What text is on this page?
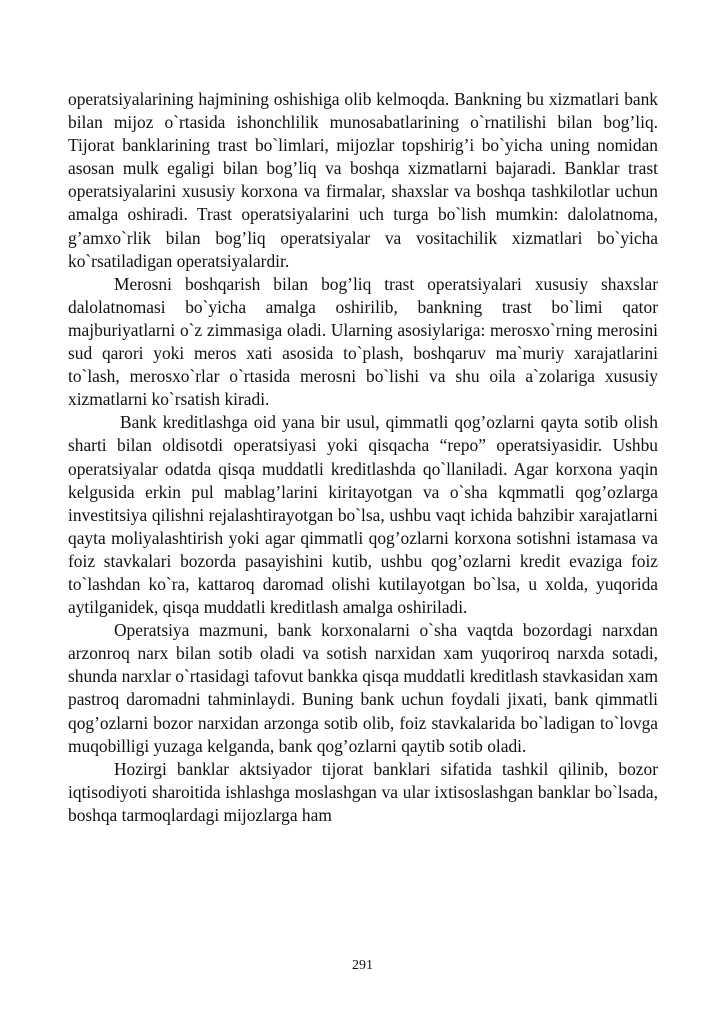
operatsiyalarining hajmining oshishiga olib kelmoqda. Bankning bu xizmatlari bank bilan mijoz o`rtasida ishonchlilik munosabatlarining o`rnatilishi bilan bog’liq. Tijorat banklarining trast bo`limlari, mijozlar topshirig’i bo`yicha uning nomidan asosan mulk egaligi bilan bog’liq va boshqa xizmatlarni bajaradi. Banklar trast operatsiyalarini xususiy korxona va firmalar, shaxslar va boshqa tashkilotlar uchun amalga oshiradi. Trast operatsiyalarini uch turga bo`lish mumkin: dalolatnoma, g’amxo`rlik bilan bog’liq operatsiyalar va vositachilik xizmatlari bo`yicha ko`rsatiladigan operatsiyalardir.

Merosni boshqarish bilan bog’liq trast operatsiyalari xususiy shaxslar dalolatnomasi bo`yicha amalga oshirilib, bankning trast bo`limi qator majburiyatlarni o`z zimmasiga oladi. Ularning asosiylariga: merosxo`rning merosini sud qarori yoki meros xati asosida to`plash, boshqaruv ma`muriy xarajatlarini to`lash, merosxo`rlar o`rtasida merosni bo`lishi va shu oila a`zolariga xususiy xizmatlarni ko`rsatish kiradi.

Bank kreditlashga oid yana bir usul, qimmatli qog’ozlarni qayta sotib olish sharti bilan oldisotdi operatsiyasi yoki qisqacha “repo” operatsiyasidir. Ushbu operatsiyalar odatda qisqa muddatli kreditlashda qo`llaniladi. Agar korxona yaqin kelgusida erkin pul mablag’larini kiritayotgan va o`sha kqmmatli qog’ozlarga investitsiya qilishni rejalashtirayotgan bo`lsa, ushbu vaqt ichida bahzibir xarajatlarni qayta moliyalashtirish yoki agar qimmatli qog’ozlarni korxona sotishni istamasa va foiz stavkalari bozorda pasayishini kutib, ushbu qog’ozlarni kredit evaziga foiz to`lashdan ko`ra, kattaroq daromad olishi kutilayotgan bo`lsa, u xolda, yuqorida aytilganidek, qisqa muddatli kreditlash amalga oshiriladi.

Operatsiya mazmuni, bank korxonalarni o`sha vaqtda bozordagi narxdan arzonroq narx bilan sotib oladi va sotish narxidan xam yuqoriroq narxda sotadi, shunda narxlar o`rtasidagi tafovut bankka qisqa muddatli kreditlash stavkasidan xam pastroq daromadni tahminlaydi. Buning bank uchun foydali jixati, bank qimmatli qog’ozlarni bozor narxidan arzonga sotib olib, foiz stavkalarida bo`ladigan to`lovga muqobilligi yuzaga kelganda, bank qog’ozlarni qaytib sotib oladi.

Hozirgi banklar aktsiyador tijorat banklari sifatida tashkil qilinib, bozor iqtisodiyoti sharoitida ishlashga moslashgan va ular ixtisoslashgan banklar bo`lsada, boshqa tarmoqlardagi mijozlarga ham

291
